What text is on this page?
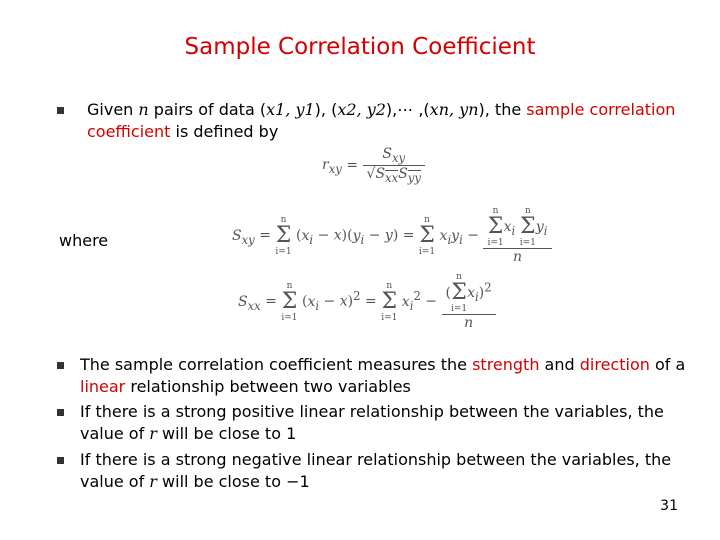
Sample Correlation Coefficient
Given n pairs of data (x1, y1), (x2, y2),⋯ ,(xn, yn), the sample correlation coefficient is defined by
$r_{xy} = \frac{S_{xy}}{√S_{xx}S_{yy}}$
where	$S_{xy}$ =
n
Σ
i=1
$(x_i - x)(y_i - y)$ =
n
Σ
i=1
$x_iy_i - n$
Σ
i=1
$x_i$
n
Σ
i=1
$y_i$
n
$S_{xx}$ =
n
Σ
i=1
$(x_i - x)^2$ =
n
Σ
i=1
$x_i^2$ − (
n
Σ
i=1
$x_i)^2$
n
The sample correlation coefficient measures the strength and direction of a linear relationship between two variables
If there is a strong positive linear relationship between the variables, the value of r will be close to 1
If there is a strong negative linear relationship between the variables, the value of r will be close to −1
31
